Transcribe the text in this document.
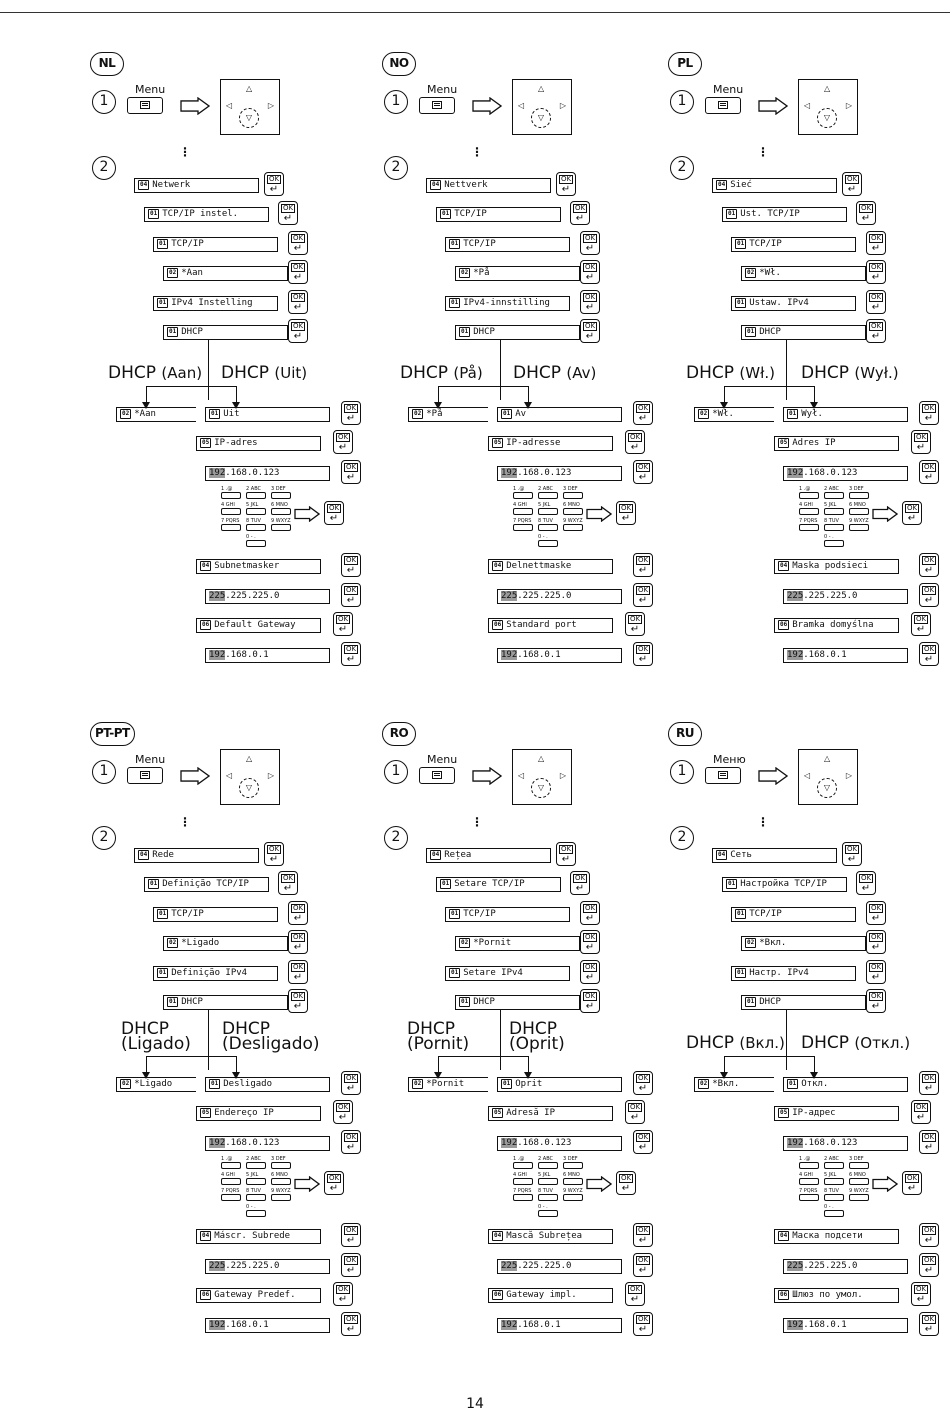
NL
1
Menu	△
◁	▷
▽
2
⋮
04 Netwerk
OK
↵
01 TCP/IP instel.
OK
↵
01 TCP/IP
OK
↵
02 *Aan
OK
↵
01 IPv4 Instelling
OK
↵
01 DHCP
OK
↵
DHCP (Aan) DHCP (Uit)
02 *Aan	01 Uit
OK
↵
05 IP-adres
OK
↵
192.168.0.123
OK
↵
1 .@	2 ABC	3 DEF
4 GHI	5 JKL	6 MNO
7 PQRS	8 TUV	9 WXYZ
0 - .
OK
↵
04 Subnetmasker
OK
↵
225.225.225.0
OK
↵
06 Default Gateway
OK
↵
192.168.0.1
OK
↵
NO
1
Menu	△
◁	▷
▽
2
⋮
04 Nettverk
OK
↵
01 TCP/IP
OK
↵
01 TCP/IP
OK
↵
02 *På
OK
↵
01 IPv4-innstilling
OK
↵
01 DHCP
OK
↵
DHCP (På) DHCP (Av)
02 *På	01 Av
OK
↵
05 IP-adresse
OK
↵
192.168.0.123
OK
↵
1 .@	2 ABC	3 DEF
4 GHI	5 JKL	6 MNO
7 PQRS	8 TUV	9 WXYZ
0 - .
OK
↵
04 Delnettmaske
OK
↵
225.225.225.0
OK
↵
06 Standard port
OK
↵
192.168.0.1
OK
↵
PL
1
Menu	△
◁	▷
▽
2
⋮
04 Sieć
OK
↵
01 Ust. TCP/IP
OK
↵
01 TCP/IP
OK
↵
02 *Wł.
OK
↵
01 Ustaw. IPv4
OK
↵
01 DHCP
OK
↵
DHCP (Wł.) DHCP (Wył.)
02 *Wł.	01 Wył.
OK
↵
05 Adres IP
OK
↵
192.168.0.123
OK
↵
1 .@	2 ABC	3 DEF
4 GHI	5 JKL	6 MNO
7 PQRS	8 TUV	9 WXYZ
0 - .
OK
↵
04 Maska podsieci
OK
↵
225.225.225.0
OK
↵
06 Bramka domyślna
OK
↵
192.168.0.1
OK
↵
PT-PT
1
Menu	△
◁	▷
▽
2
⋮
04 Rede
OK
↵
01 Definição TCP/IP
OK
↵
01 TCP/IP
OK
↵
02 *Ligado
OK
↵
01 Definição IPv4
OK
↵
01 DHCP
OK
↵
DHCP
(Ligado)
DHCP
(Desligado)
02 *Ligado	01 Desligado
OK
↵
05 Endereço IP
OK
↵
192.168.0.123
OK
↵
1 .@	2 ABC	3 DEF
4 GHI	5 JKL	6 MNO
7 PQRS	8 TUV	9 WXYZ
0 - .
OK
↵
04 Máscr. Subrede
OK
↵
225.225.225.0
OK
↵
06 Gateway Predef.
OK
↵
192.168.0.1
OK
↵
RO
1
Menu	△
◁	▷
▽
2
⋮
04 Rețea
OK
↵
01 Setare TCP/IP
OK
↵
01 TCP/IP
OK
↵
02 *Pornit
OK
↵
01 Setare IPv4
OK
↵
01 DHCP
OK
↵
DHCP
(Pornit)
DHCP
(Oprit)
02 *Pornit	01 Oprit
OK
↵
05 Adresă IP
OK
↵
192.168.0.123
OK
↵
1 .@	2 ABC	3 DEF
4 GHI	5 JKL	6 MNO
7 PQRS	8 TUV	9 WXYZ
0 - .
OK
↵
04 Mască Subrețea
OK
↵
225.225.225.0
OK
↵
06 Gateway impl.
OK
↵
192.168.0.1
OK
↵
RU
1
Меню	△
◁	▷
▽
2
⋮
04 Сеть
OK
↵
01 Настройка TCP/IP
OK
↵
01 TCP/IP
OK
↵
02 *Вкл.
OK
↵
01 Настр. IPv4
OK
↵
01 DHCP
OK
↵
DHCP (Вкл.) DHCP (Откл.)
02 *Вкл.	01 Откл.
OK
↵
05 IP-адрес
OK
↵
192.168.0.123
OK
↵
1 .@	2 ABC	3 DEF
4 GHI	5 JKL	6 MNO
7 PQRS	8 TUV	9 WXYZ
0 - .
OK
↵
04 Маска подсети
OK
↵
225.225.225.0
OK
↵
06 Шлюз по умол.
OK
↵
192.168.0.1
OK
↵
14
